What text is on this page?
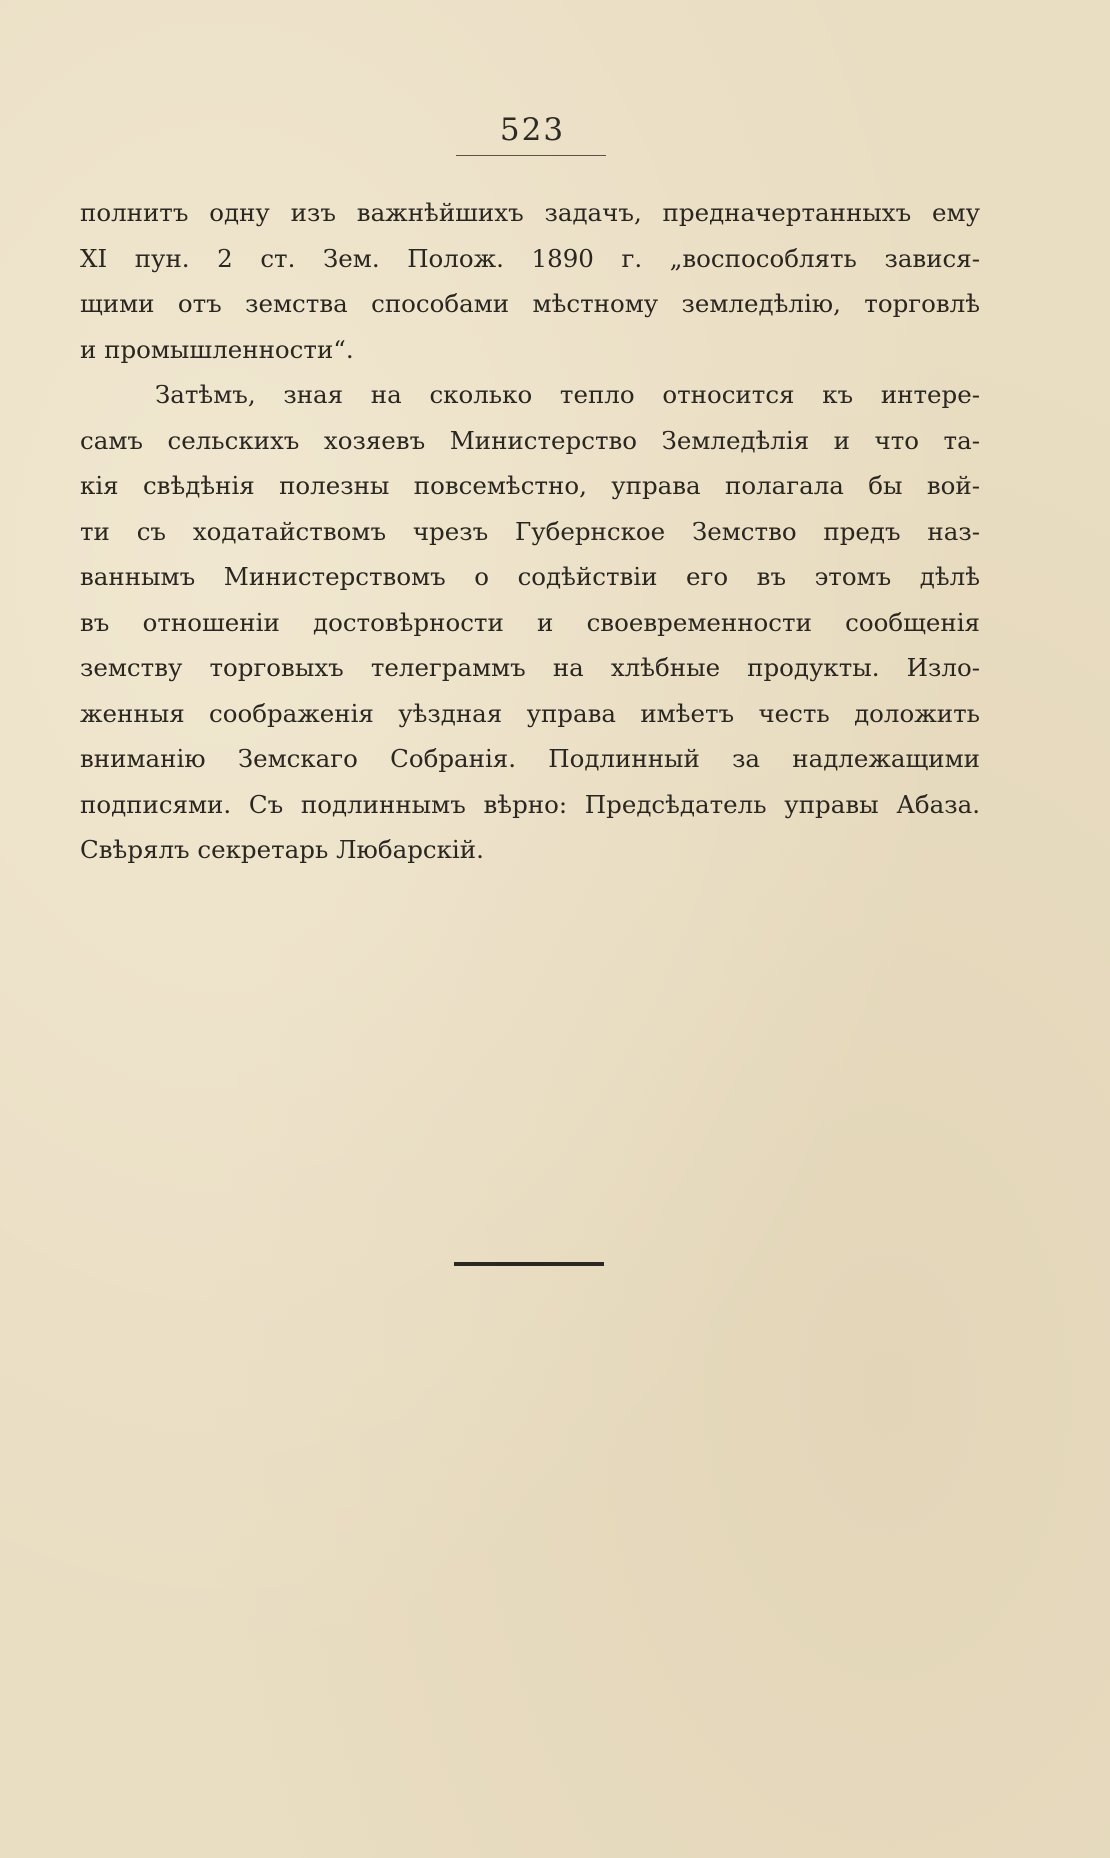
523
полнитъ одну изъ важнѣйшихъ задачъ, предначертанныхъ ему
XI пун. 2 ст. Зем. Полож. 1890 г. „воспособлять завися-
щими отъ земства способами мѣстному земледѣлію, торговлѣ
и промышленности“.
Затѣмъ, зная на сколько тепло относится къ интере-
самъ сельскихъ хозяевъ Министерство Земледѣлія и что та-
кія свѣдѣнія полезны повсемѣстно, управа полагала бы вой-
ти съ ходатайствомъ чрезъ Губернское Земство предъ наз-
ваннымъ Министерствомъ о содѣйствіи его въ этомъ дѣлѣ
въ отношеніи достовѣрности и своевременности сообщенія
земству торговыхъ телеграммъ на хлѣбные продукты. Изло-
женныя соображенія уѣздная управа имѣетъ честь доложить
вниманію Земскаго Собранія. Подлинный за надлежащими
подписями. Съ подлиннымъ вѣрно: Предсѣдатель управы Абаза.
Свѣрялъ секретарь Любарскій.
